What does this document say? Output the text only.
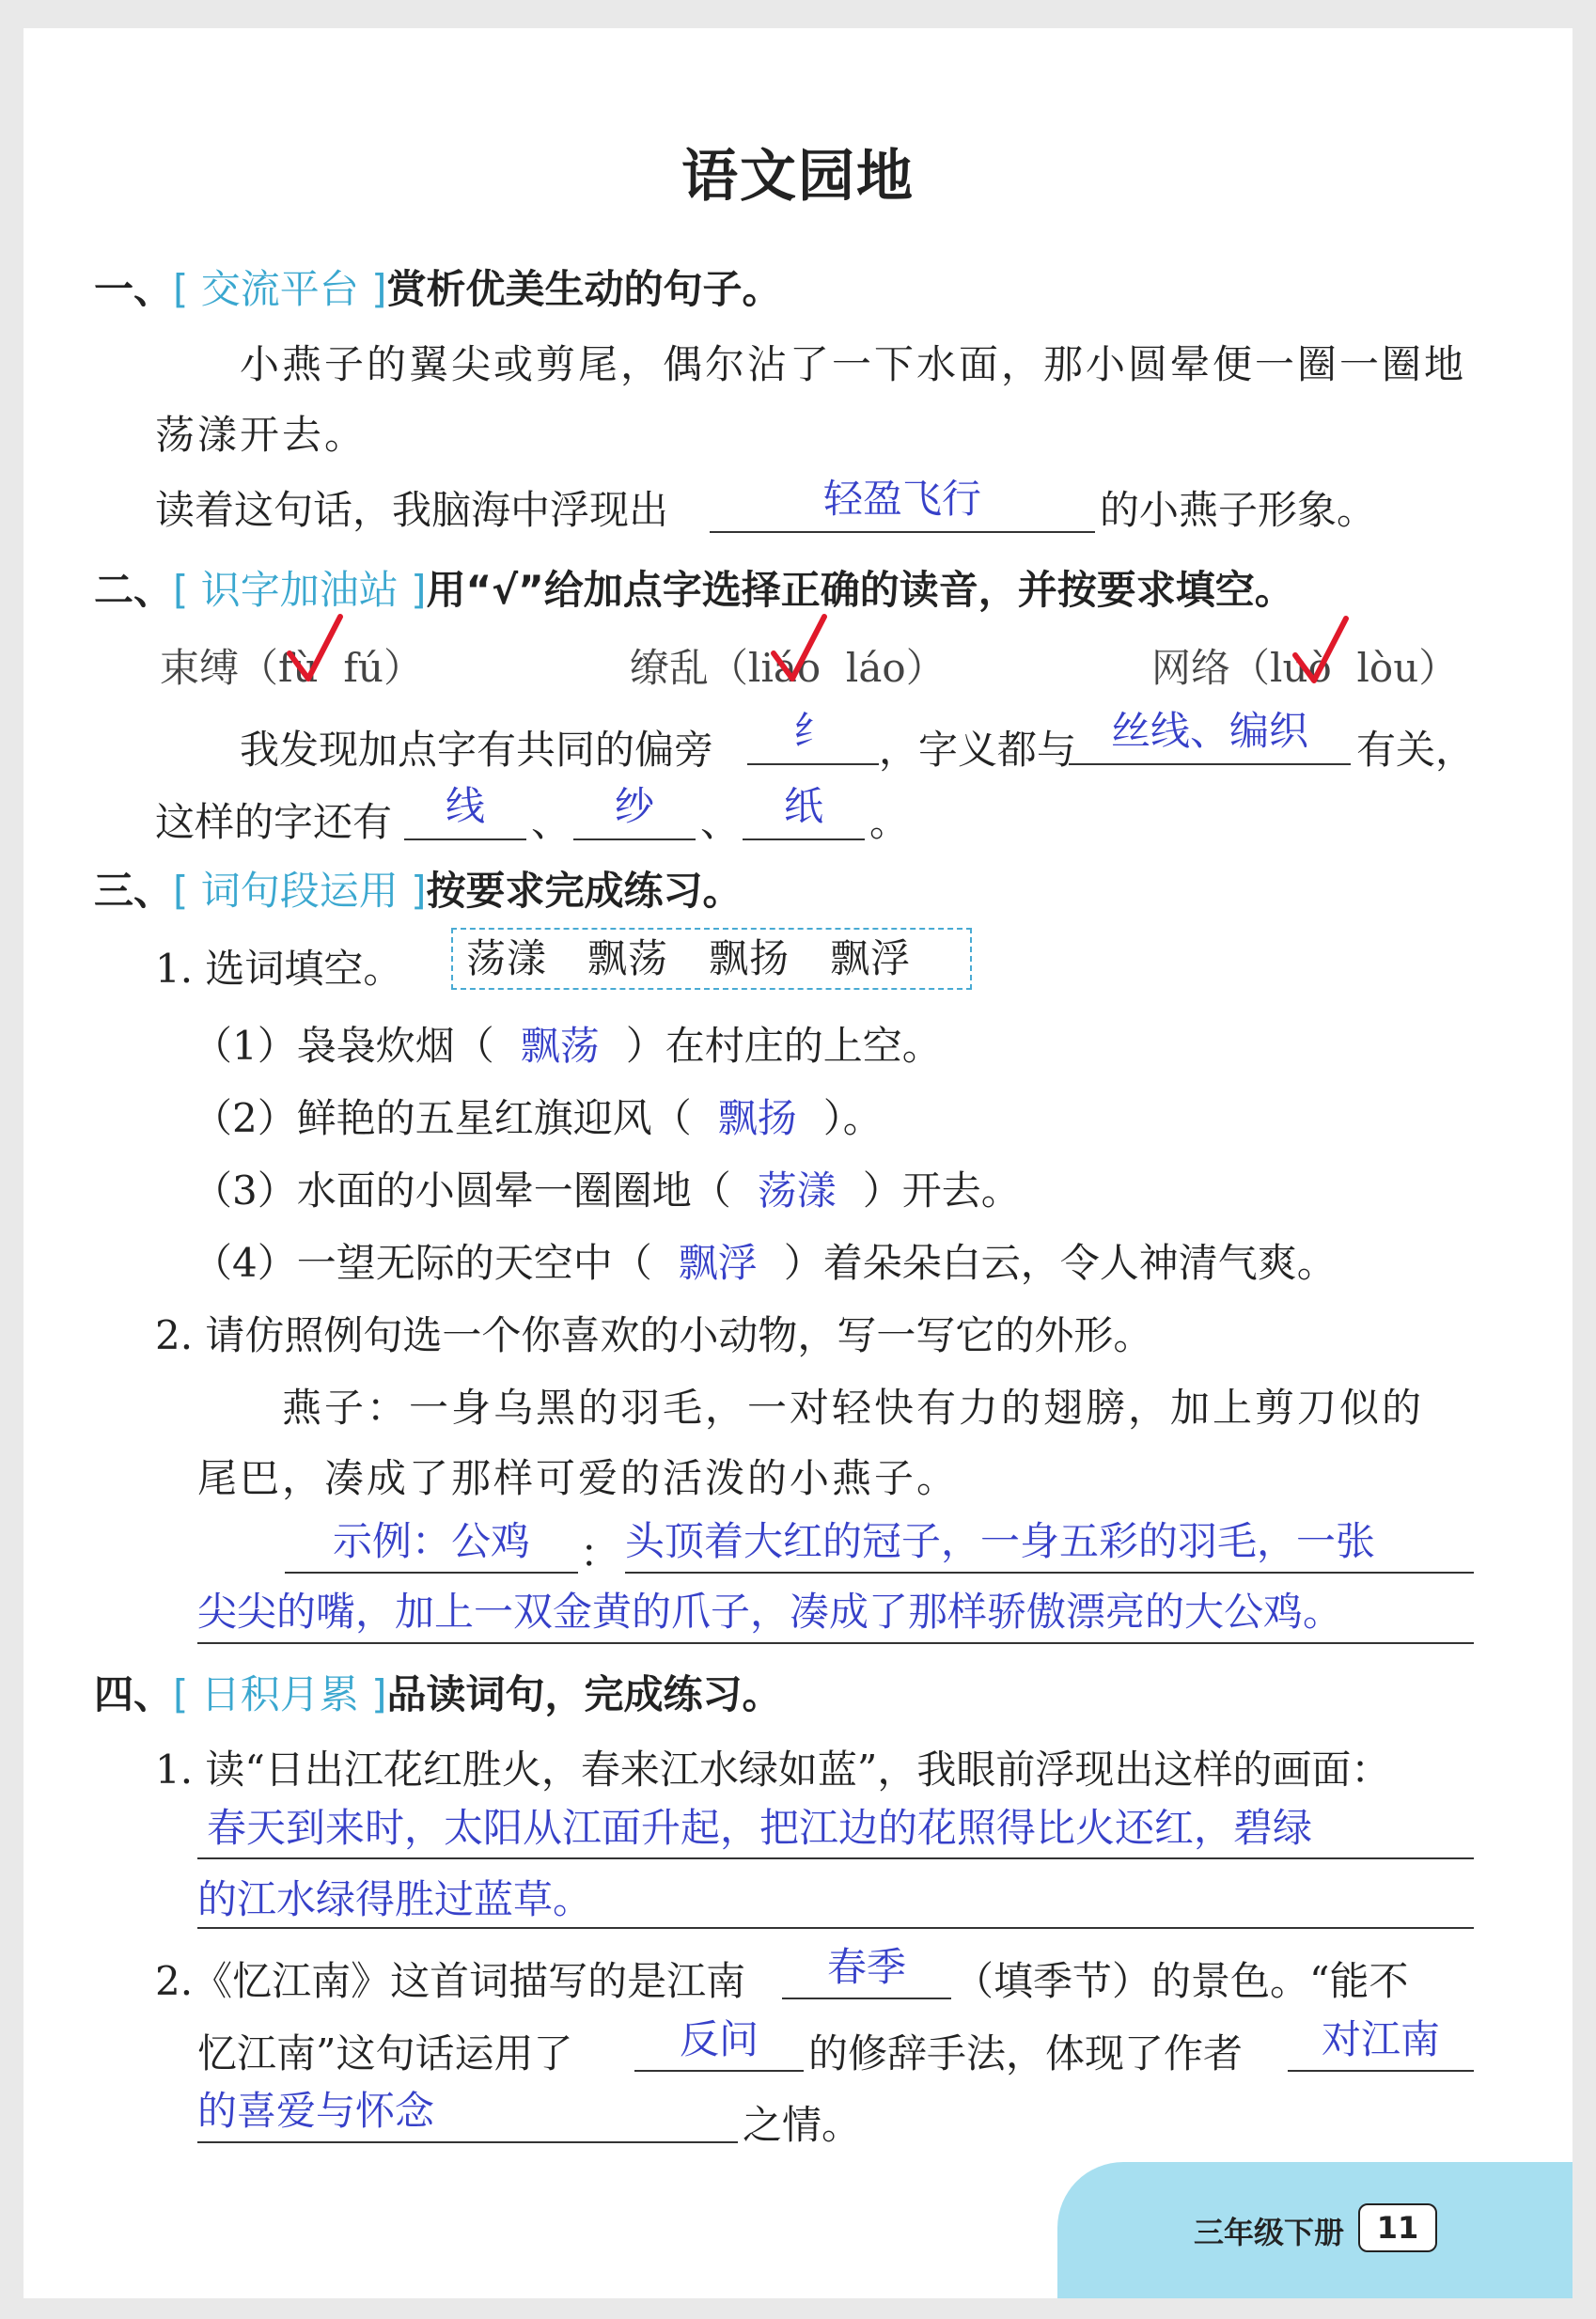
语文园地
一、[ 交流平台 ]赏析优美生动的句子。
小燕子的翼尖或剪尾，偶尔沾了一下水面，那小圆晕便一圈一圈地
荡漾开去。
读着这句话，我脑海中浮现出	轻盈飞行	的小燕子形象。
二、[ 识字加油站 ]用“√”给加点字选择正确的读音，并按要求填空。
束缚（fù fú）	缭乱（liáo láo）	网络（luò lòu）
我发现加点字有共同的偏旁	纟	，字义都与 丝线、编织	有关，
这样的字还有	线	、	纱	、	纸	。
三、[ 词句段运用 ]按要求完成练习。
1. 选词填空。	荡漾   飘荡   飘扬   飘浮
（1）袅袅炊烟（ 飘荡 ）在村庄的上空。
（2）鲜艳的五星红旗迎风（ 飘扬 ）。
（3）水面的小圆晕一圈圈地（ 荡漾 ）开去。
（4）一望无际的天空中（ 飘浮 ）着朵朵白云，令人神清气爽。
2. 请仿照例句选一个你喜欢的小动物，写一写它的外形。
燕子：一身乌黑的羽毛，一对轻快有力的翅膀，加上剪刀似的
尾巴，凑成了那样可爱的活泼的小燕子。
示例：公鸡	： 头顶着大红的冠子，一身五彩的羽毛，一张
尖尖的嘴，加上一双金黄的爪子，凑成了那样骄傲漂亮的大公鸡。
四、[ 日积月累 ]品读词句，完成练习。
1. 读“日出江花红胜火，春来江水绿如蓝”，我眼前浮现出这样的画面：
春天到来时，太阳从江面升起，把江边的花照得比火还红，碧绿
的江水绿得胜过蓝草。
2.《忆江南》这首词描写的是江南	春季	（填季节）的景色。“能不
忆江南”这句话运用了	反问	的修辞手法，体现了作者	对江南
的喜爱与怀念	之情。
三年级下册	11
